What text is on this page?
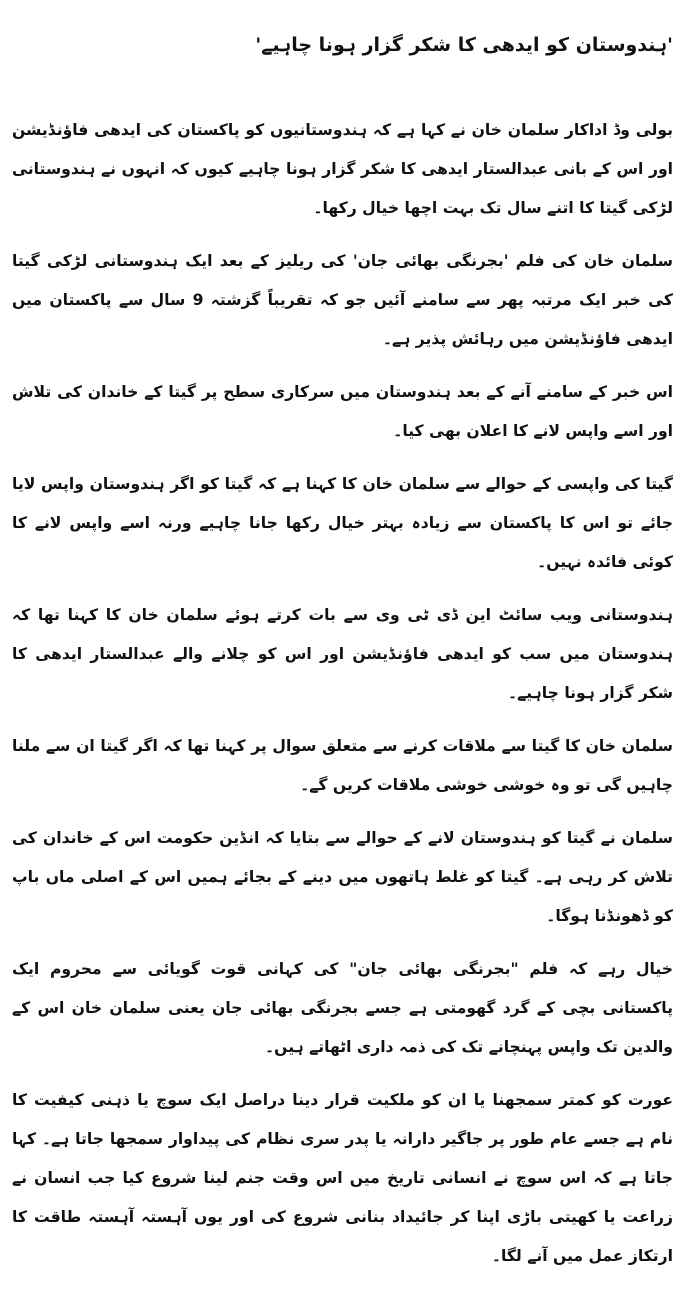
'ہندوستان کو ایدھی کا شکر گزار ہونا چاہیے'

بولی وڈ اداکار سلمان خان نے کہا ہے کہ ہندوستانیوں کو پاکستان کی ایدھی فاؤنڈیشن اور اس کے بانی عبدالستار ایدھی کا شکر گزار ہونا چاہیے کیوں کہ انہوں نے ہندوستانی لڑکی گیتا کا اتنے سال تک بہت اچھا خیال رکھا۔

سلمان خان کی فلم 'بجرنگی بھائی جان' کی ریلیز کے بعد ایک ہندوستانی لڑکی گیتا کی خبر ایک مرتبہ پھر سے سامنے آئیں جو کہ تقریباً گزشتہ 9 سال سے پاکستان میں ایدھی فاؤنڈیشن میں رہائش پذیر ہے۔

اس خبر کے سامنے آنے کے بعد ہندوستان میں سرکاری سطح پر گیتا کے خاندان کی تلاش اور اسے واپس لانے کا اعلان بھی کیا۔

گیتا کی واپسی کے حوالے سے سلمان خان کا کہنا ہے کہ گیتا کو اگر ہندوستان واپس لایا جائے تو اس کا پاکستان سے زیادہ بہتر خیال رکھا جانا چاہیے ورنہ اسے واپس لانے کا کوئی فائدہ نہیں۔

ہندوستانی ویب سائٹ این ڈی ٹی وی سے بات کرتے ہوئے سلمان خان کا کہنا تھا کہ ہندوستان میں سب کو ایدھی فاؤنڈیشن اور اس کو چلانے والے عبدالستار ایدھی کا شکر گزار ہونا چاہیے۔

سلمان خان کا گیتا سے ملاقات کرنے سے متعلق سوال پر کہنا تھا کہ اگر گیتا ان سے ملنا چاہیں گی تو وہ خوشی خوشی ملاقات کریں گے۔

سلمان نے گیتا کو ہندوستان لانے کے حوالے سے بتایا کہ انڈین حکومت اس کے خاندان کی تلاش کر رہی ہے۔ گیتا کو غلط ہاتھوں میں دینے کے بجائے ہمیں اس کے اصلی ماں باپ کو ڈھونڈنا ہوگا۔

خیال رہے کہ فلم "بجرنگی بھائی جان" کی کہانی قوت گویائی سے محروم ایک پاکستانی بچی کے گرد گھومتی ہے جسے بجرنگی بھائی جان یعنی سلمان خان اس کے والدین تک واپس پہنچانے تک کی ذمہ داری اٹھاتے ہیں۔

عورت کو کمتر سمجھنا یا ان کو ملکیت قرار دینا دراصل ایک سوچ یا ذہنی کیفیت کا نام ہے جسے عام طور پر جاگیر دارانہ یا پدر سری نظام کی پیداوار سمجھا جاتا ہے۔ کہا جاتا ہے کہ اس سوچ نے انسانی تاریخ میں اس وقت جنم لینا شروع کیا جب انسان نے زراعت یا کھیتی باڑی اپنا کر جائیداد بنانی شروع کی اور یوں آہستہ آہستہ طاقت کا ارتکاز عمل میں آنے لگا۔
